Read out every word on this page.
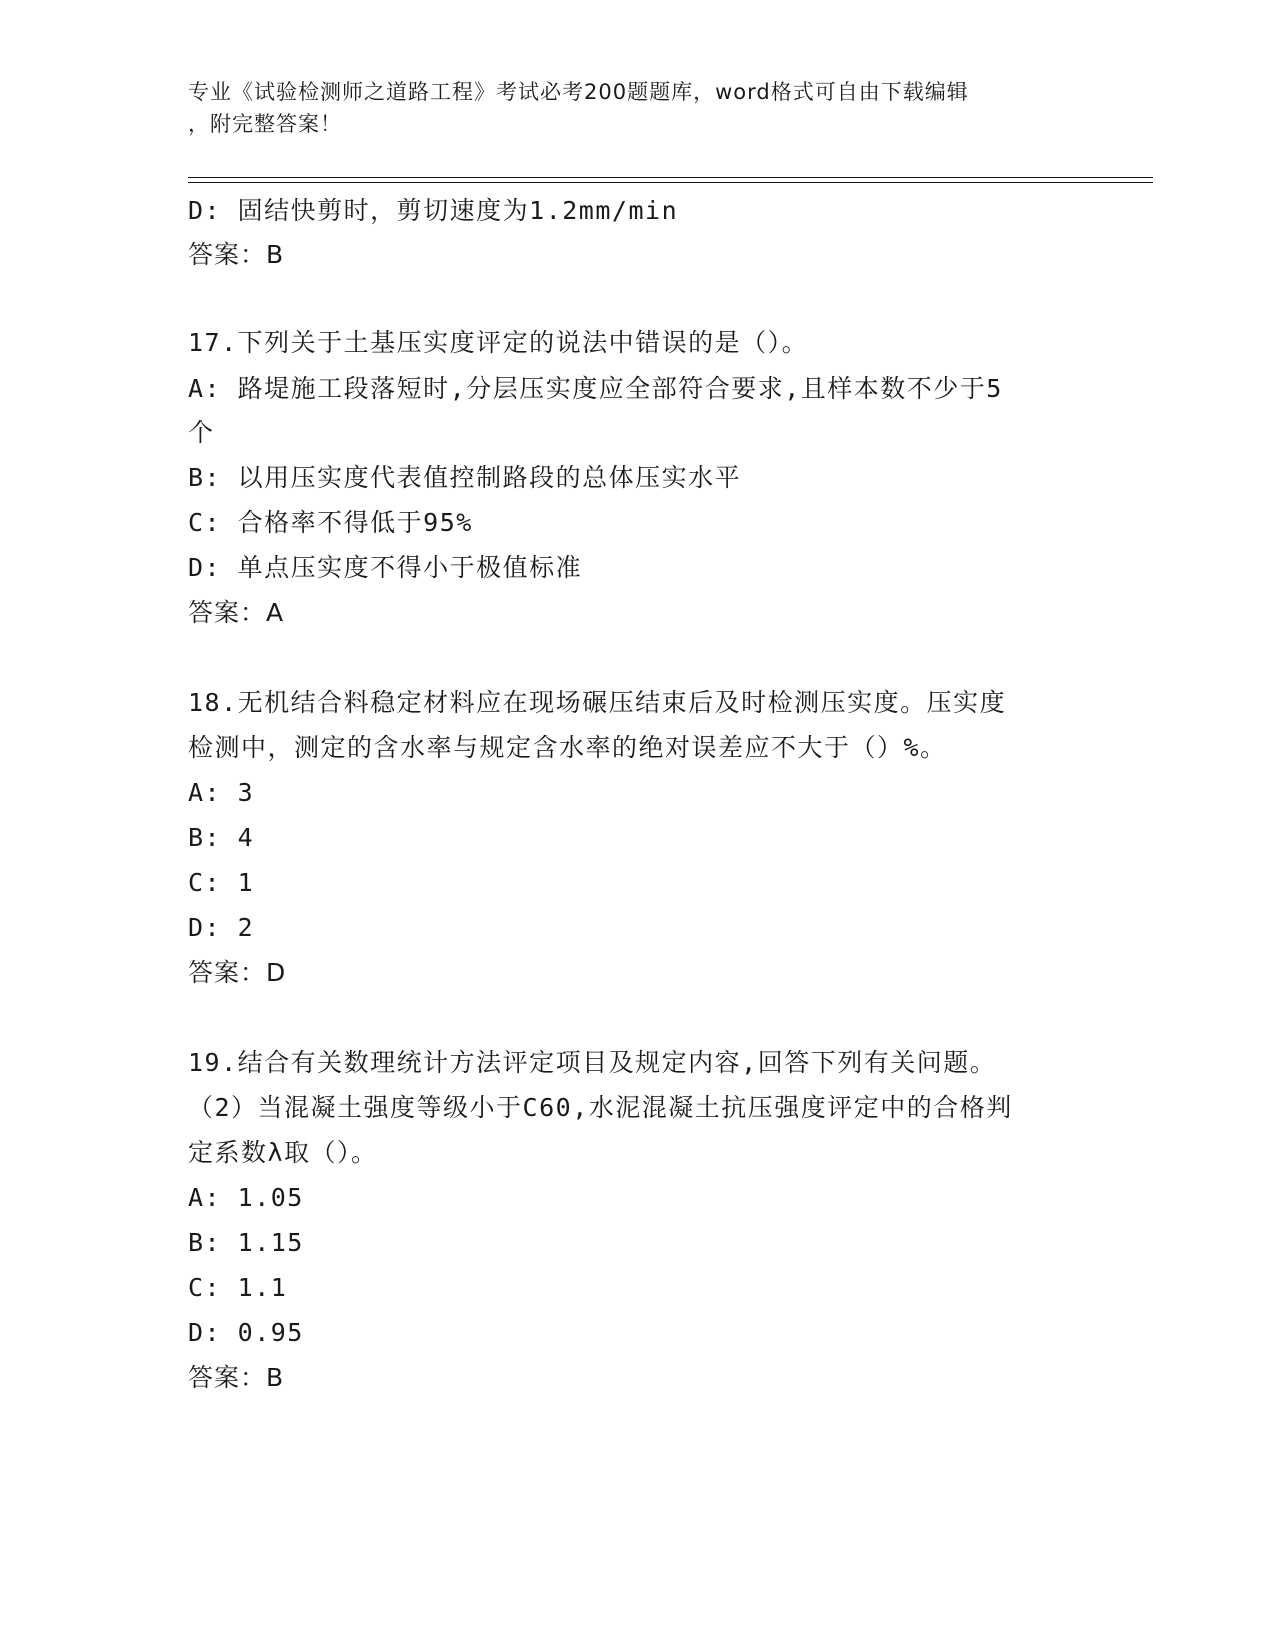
专业《试验检测师之道路工程》考试必考200题题库，word格式可自由下载编辑
，附完整答案！
D: 固结快剪时，剪切速度为1.2mm/min
答案：B
17.下列关于土基压实度评定的说法中错误的是（）。
A: 路堤施工段落短时,分层压实度应全部符合要求,且样本数不少于5
个
B: 以用压实度代表值控制路段的总体压实水平
C: 合格率不得低于95%
D: 单点压实度不得小于极值标准
答案：A
18.无机结合料稳定材料应在现场碾压结束后及时检测压实度。压实度
检测中，测定的含水率与规定含水率的绝对误差应不大于（）%。
A: 3
B: 4
C: 1
D: 2
答案：D
19.结合有关数理统计方法评定项目及规定内容,回答下列有关问题。
（2）当混凝土强度等级小于C60,水泥混凝土抗压强度评定中的合格判
定系数λ取（）。
A: 1.05
B: 1.15
C: 1.1
D: 0.95
答案：B
